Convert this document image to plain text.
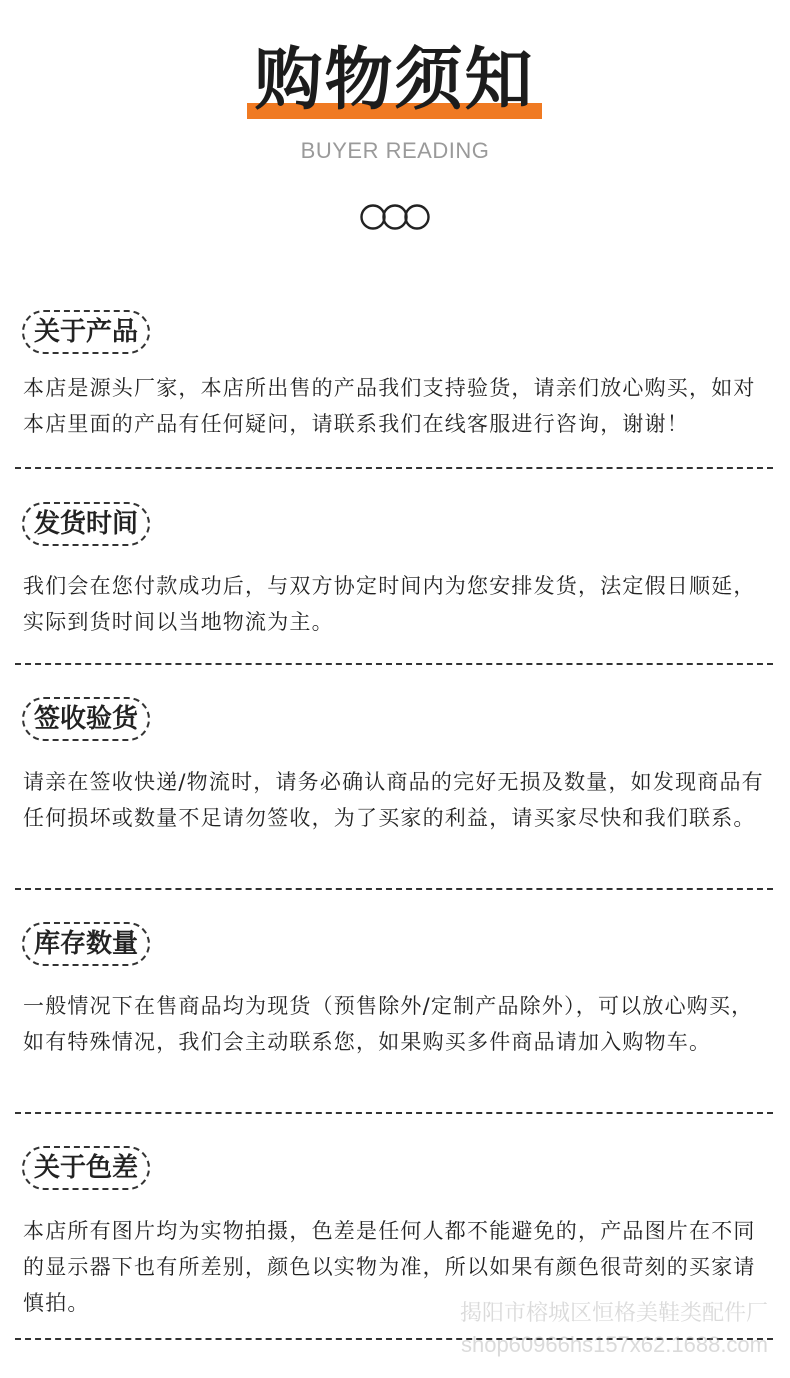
购物须知
BUYER READING
关于产品
本店是源头厂家，本店所出售的产品我们支持验货，请亲们放心购买，如对本店里面的产品有任何疑问，请联系我们在线客服进行咨询，谢谢！
发货时间
我们会在您付款成功后，与双方协定时间内为您安排发货，法定假日顺延，实际到货时间以当地物流为主。
签收验货
请亲在签收快递/物流时，请务必确认商品的完好无损及数量，如发现商品有任何损坏或数量不足请勿签收，为了买家的利益，请买家尽快和我们联系。
库存数量
一般情况下在售商品均为现货（预售除外/定制产品除外），可以放心购买，如有特殊情况，我们会主动联系您，如果购买多件商品请加入购物车。
关于色差
本店所有图片均为实物拍摄，色差是任何人都不能避免的，产品图片在不同的显示器下也有所差别，颜色以实物为准，所以如果有颜色很苛刻的买家请慎拍。	揭阳市榕城区恒格美鞋类配件厂
shop60966hs157x62.1688.com
